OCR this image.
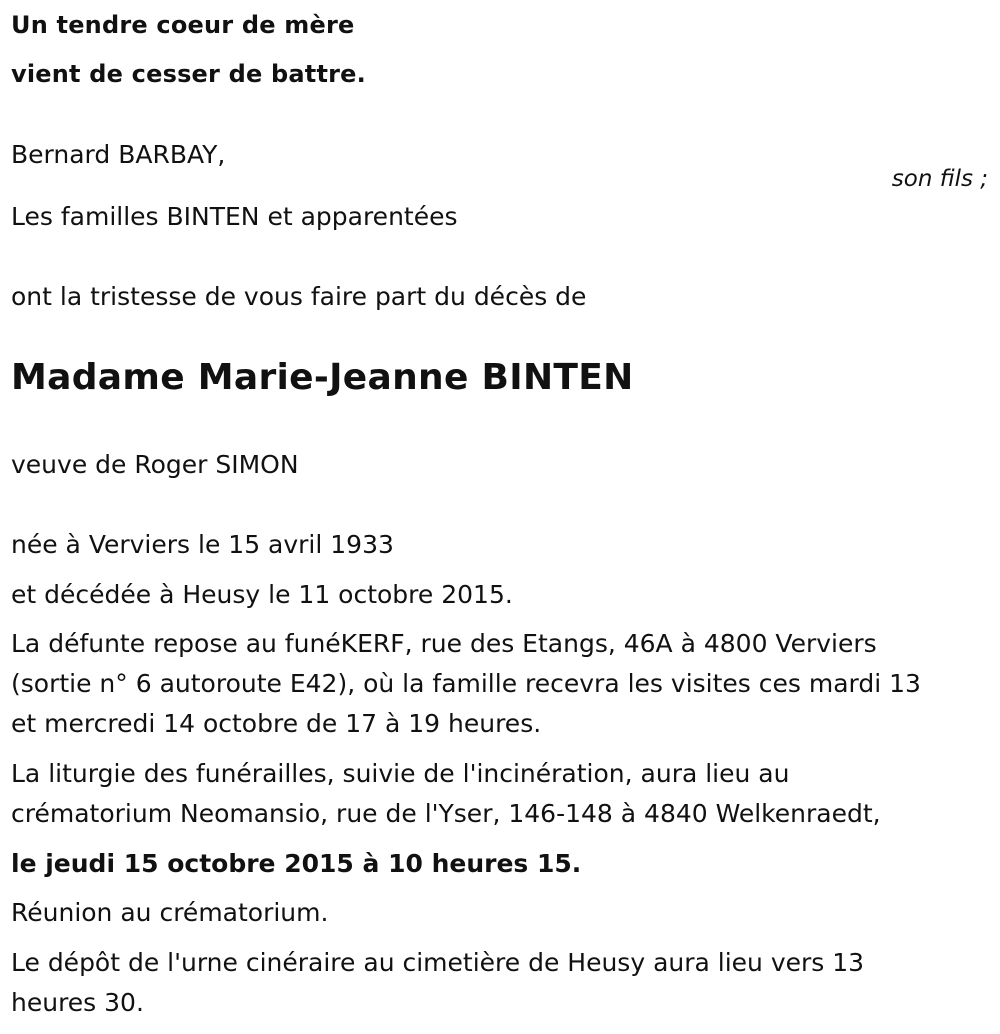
Un tendre coeur de mère

vient de cesser de battre.

Bernard BARBAY,

son fils ;

Les familles BINTEN et apparentées

ont la tristesse de vous faire part du décès de

Madame Marie-Jeanne BINTEN

veuve de Roger SIMON

née à Verviers le 15 avril 1933

et décédée à Heusy le 11 octobre 2015.

La défunte repose au funéKERF, rue des Etangs, 46A à 4800 Verviers

(sortie n° 6 autoroute E42), où la famille recevra les visites ces mardi 13

et mercredi 14 octobre de 17 à 19 heures.

La liturgie des funérailles, suivie de l'incinération, aura lieu au

crématorium Neomansio, rue de l'Yser, 146-148 à 4840 Welkenraedt,

le jeudi 15 octobre 2015 à 10 heures 15.

Réunion au crématorium.

Le dépôt de l'urne cinéraire au cimetière de Heusy aura lieu vers 13

heures 30.
